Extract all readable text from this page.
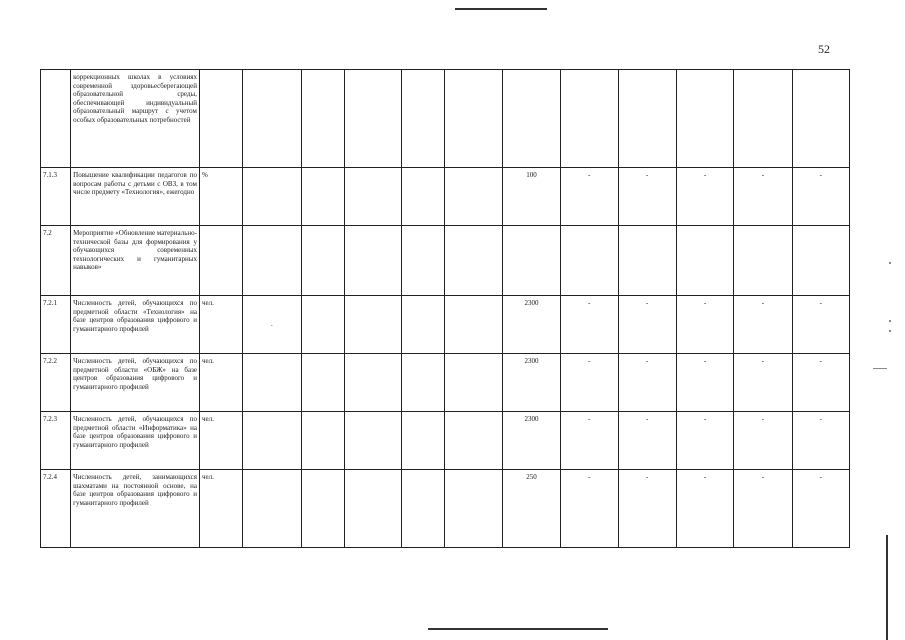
52
	коррекционных школах в условиях современной здоровьесберегающей образовательной среды, обеспечивающей индивидуальный образовательный маршрут с учетом особых образовательных потребностей												
7.1.3	Повышение квалификации педагогов по вопросам работы с детьми с ОВЗ, в том числе предмету «Технология», ежегодно	%						100	-	-	-	-	-
7.2	Мероприятие «Обновление материально-технической базы для формирования у обучающихся современных технологических и гуманитарных навыков»												
7.2.1	Численность детей, обучающихся по предметной области «Технология» на базе центров образования цифрового и гуманитарного профилей	чел.	.					2300	-	-	-	-	-
7.2.2	Численность детей, обучающихся по предметной области «ОБЖ» на базе центров образования цифрового и гуманитарного профилей	чел.						2300	-	-	-	-	-
7.2.3	Численность детей, обучающихся по предметной области «Информатика» на базе центров образования цифрового и гуманитарного профилей	чел.						2300	-	-	-	-	-
7.2.4	Численность детей, занимающихся шахматами на постоянной основе, на базе центров образования цифрового и гуманитарного профилей	чел.						250	-	-	-	-	-
